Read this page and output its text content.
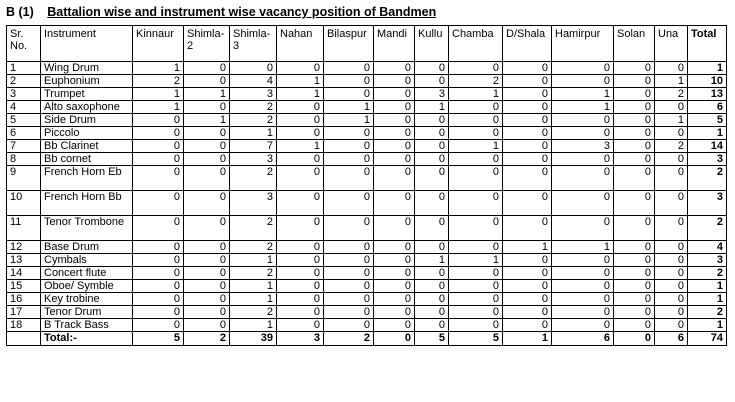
B (1) Battalion wise and instrument wise vacancy position of Bandmen
Sr. No.	Instrument	Kinnaur	Shimla-2	Shimla-3	Nahan	Bilaspur	Mandi	Kullu	Chamba	D/Shala	Hamirpur	Solan	Una	Total
1	Wing Drum	1	0	0	0	0	0	0	0	0	0	0	0	1
2	Euphonium	2	0	4	1	0	0	0	2	0	0	0	1	10
3	Trumpet	1	1	3	1	0	0	3	1	0	1	0	2	13
4	Alto saxophone	1	0	2	0	1	0	1	0	0	1	0	0	6
5	Side Drum	0	1	2	0	1	0	0	0	0	0	0	1	5
6	Piccolo	0	0	1	0	0	0	0	0	0	0	0	0	1
7	Bb Clarinet	0	0	7	1	0	0	0	1	0	3	0	2	14
8	Bb cornet	0	0	3	0	0	0	0	0	0	0	0	0	3
9	French Horn Eb	0	0	2	0	0	0	0	0	0	0	0	0	2
10	French Horn Bb	0	0	3	0	0	0	0	0	0	0	0	0	3
11	Tenor Trombone	0	0	2	0	0	0	0	0	0	0	0	0	2
12	Base Drum	0	0	2	0	0	0	0	0	1	1	0	0	4
13	Cymbals	0	0	1	0	0	0	1	1	0	0	0	0	3
14	Concert flute	0	0	2	0	0	0	0	0	0	0	0	0	2
15	Oboe/ Symble	0	0	1	0	0	0	0	0	0	0	0	0	1
16	Key trobine	0	0	1	0	0	0	0	0	0	0	0	0	1
17	Tenor Drum	0	0	2	0	0	0	0	0	0	0	0	0	2
18	B Track Bass	0	0	1	0	0	0	0	0	0	0	0	0	1
	Total:-	5	2	39	3	2	0	5	5	1	6	0	6	74
